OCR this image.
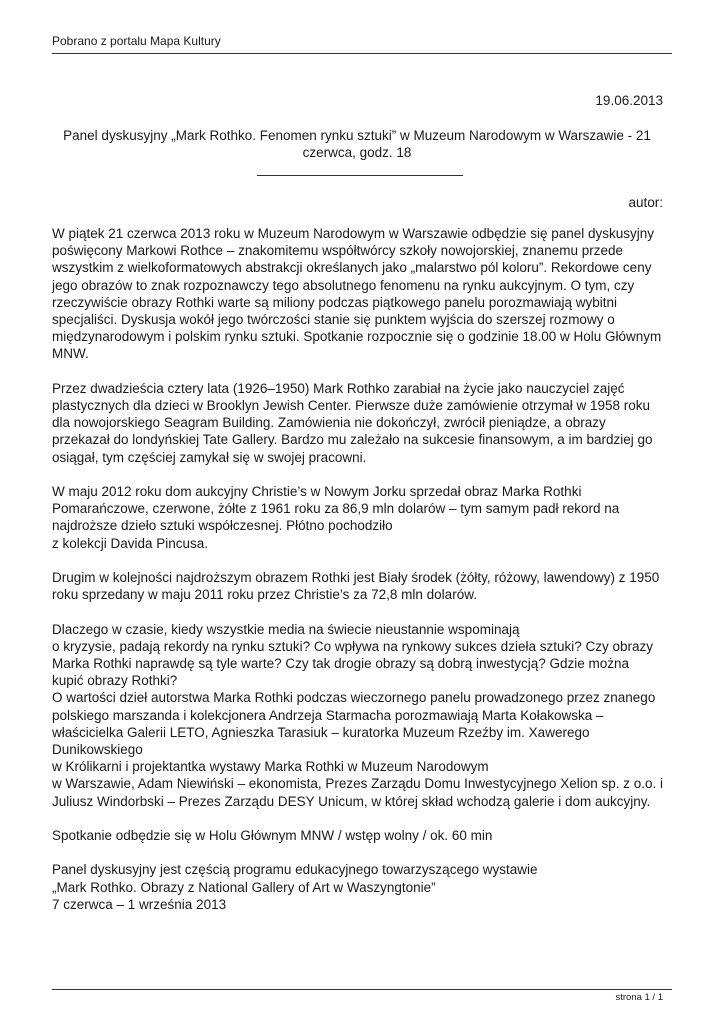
Pobrano z portalu Mapa Kultury
19.06.2013
Panel dyskusyjny „Mark Rothko. Fenomen rynku sztuki” w Muzeum Narodowym w Warszawie - 21 czerwca, godz. 18
autor:

W piątek 21 czerwca 2013 roku w Muzeum Narodowym w Warszawie odbędzie się panel dyskusyjny poświęcony Markowi Rothce – znakomitemu współtwórcy szkoły nowojorskiej, znanemu przede wszystkim z wielkoformatowych abstrakcji określanych jako „malarstwo pól koloru”. Rekordowe ceny jego obrazów to znak rozpoznawczy tego absolutnego fenomenu na rynku aukcyjnym. O tym, czy rzeczywiście obrazy Rothki warte są miliony podczas piątkowego panelu porozmawiają wybitni specjaliści. Dyskusja wokół jego twórczości stanie się punktem wyjścia do szerszej rozmowy o międzynarodowym i polskim rynku sztuki. Spotkanie rozpocznie się o godzinie 18.00 w Holu Głównym MNW.

Przez dwadzieścia cztery lata (1926–1950) Mark Rothko zarabiał na życie jako nauczyciel zajęć plastycznych dla dzieci w Brooklyn Jewish Center. Pierwsze duże zamówienie otrzymał w 1958 roku dla nowojorskiego Seagram Building. Zamówienia nie dokończył, zwrócił pieniądze, a obrazy przekazał do londyńskiej Tate Gallery. Bardzo mu zależało na sukcesie finansowym, a im bardziej go osiągał, tym częściej zamykał się w swojej pracowni.

W maju 2012 roku dom aukcyjny Christie’s w Nowym Jorku sprzedał obraz Marka Rothki Pomarańczowe, czerwone, żółte z 1961 roku za 86,9 mln dolarów – tym samym padł rekord na najdroższe dzieło sztuki współczesnej. Płótno pochodziło
z kolekcji Davida Pincusa.

Drugim w kolejności najdroższym obrazem Rothki jest Biały środek (żółty, różowy, lawendowy) z 1950 roku sprzedany w maju 2011 roku przez Christie’s za 72,8 mln dolarów.

Dlaczego w czasie, kiedy wszystkie media na świecie nieustannie wspominają
o kryzysie, padają rekordy na rynku sztuki? Co wpływa na rynkowy sukces dzieła sztuki? Czy obrazy Marka Rothki naprawdę są tyle warte? Czy tak drogie obrazy są dobrą inwestycją? Gdzie można kupić obrazy Rothki?

O wartości dzieł autorstwa Marka Rothki podczas wieczornego panelu prowadzonego przez znanego polskiego marszanda i kolekcjonera Andrzeja Starmacha porozmawiają Marta Kołakowska – właścicielka Galerii LETO, Agnieszka Tarasiuk – kuratorka Muzeum Rzeźby im. Xawerego Dunikowskiego
w Królikarni i projektantka wystawy Marka Rothki w Muzeum Narodowym
w Warszawie, Adam Niewiński – ekonomista, Prezes Zarządu Domu Inwestycyjnego Xelion sp. z o.o. i Juliusz Windorbski – Prezes Zarządu DESY Unicum, w której skład wchodzą galerie i dom aukcyjny.

Spotkanie odbędzie się w Holu Głównym MNW / wstęp wolny / ok. 60 min

Panel dyskusyjny jest częścią programu edukacyjnego towarzyszącego wystawie
„Mark Rothko. Obrazy z National Gallery of Art w Waszyngtonie”
7 czerwca – 1 września 2013

strona 1 / 1
